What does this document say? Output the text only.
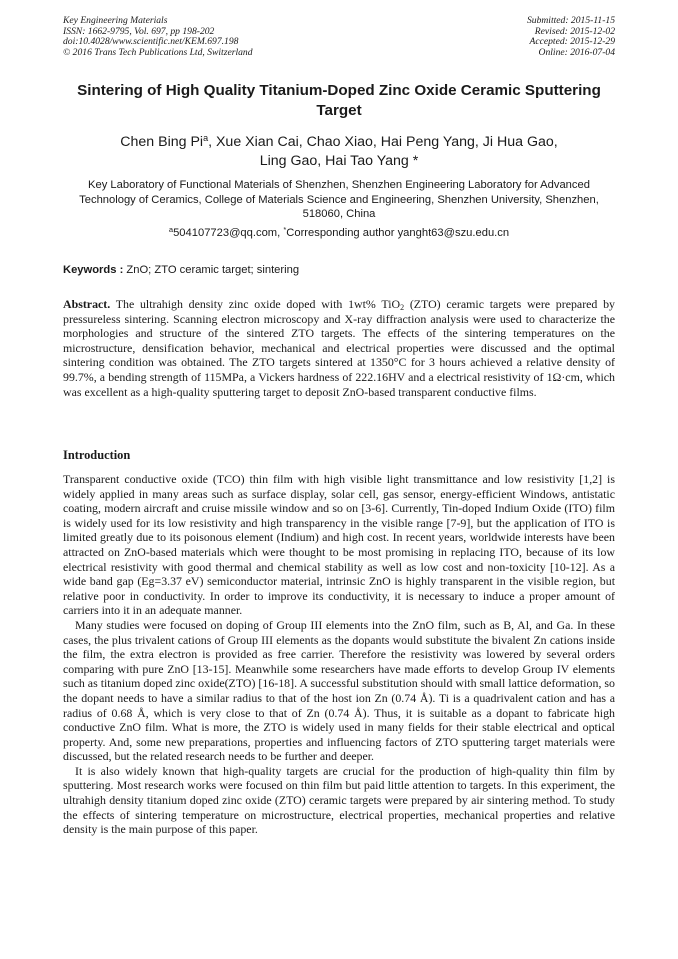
Key Engineering Materials
ISSN: 1662-9795, Vol. 697, pp 198-202
doi:10.4028/www.scientific.net/KEM.697.198
© 2016 Trans Tech Publications Ltd, Switzerland
Submitted: 2015-11-15
Revised: 2015-12-02
Accepted: 2015-12-29
Online: 2016-07-04
Sintering of High Quality Titanium-Doped Zinc Oxide Ceramic Sputtering Target
Chen Bing Pi$^a$, Xue Xian Cai, Chao Xiao, Hai Peng Yang, Ji Hua Gao,
Ling Gao, Hai Tao Yang *
Key Laboratory of Functional Materials of Shenzhen, Shenzhen Engineering Laboratory for Advanced Technology of Ceramics, College of Materials Science and Engineering, Shenzhen University, Shenzhen, 518060, China
$^a$504107723@qq.com, *Corresponding author yanght63@szu.edu.cn
Keywords : ZnO; ZTO ceramic target; sintering
Abstract. The ultrahigh density zinc oxide doped with 1wt% TiO$_2$ (ZTO) ceramic targets were prepared by pressureless sintering. Scanning electron microscopy and X-ray diffraction analysis were used to characterize the morphologies and structure of the sintered ZTO targets. The effects of the sintering temperatures on the microstructure, densification behavior, mechanical and electrical properties were discussed and the optimal sintering condition was obtained. The ZTO targets sintered at 1350°C for 3 hours achieved a relative density of 99.7%, a bending strength of 115MPa, a Vickers hardness of 222.16HV and a electrical resistivity of 1Ω·cm, which was excellent as a high-quality sputtering target to deposit ZnO-based transparent conductive films.
Introduction

Transparent conductive oxide (TCO) thin film with high visible light transmittance and low resistivity [1,2] is widely applied in many areas such as surface display, solar cell, gas sensor, energy-efficient Windows, antistatic coating, modern aircraft and cruise missile window and so on [3-6]. Currently, Tin-doped Indium Oxide (ITO) film is widely used for its low resistivity and high transparency in the visible range [7-9], but the application of ITO is limited greatly due to its poisonous element (Indium) and high cost. In recent years, worldwide interests have been attracted on ZnO-based materials which were thought to be most promising in replacing ITO, because of its low electrical resistivity with good thermal and chemical stability as well as low cost and non-toxicity [10-12]. As a wide band gap (Eg=3.37 eV) semiconductor material, intrinsic ZnO is highly transparent in the visible region, but relative poor in conductivity. In order to improve its conductivity, it is necessary to induce a proper amount of carriers into it in an adequate manner.

Many studies were focused on doping of Group III elements into the ZnO film, such as B, Al, and Ga. In these cases, the plus trivalent cations of Group III elements as the dopants would substitute the bivalent Zn cations inside the film, the extra electron is provided as free carrier. Therefore the resistivity was lowered by several orders comparing with pure ZnO [13-15]. Meanwhile some researchers have made efforts to develop Group IV elements such as titanium doped zinc oxide(ZTO) [16-18]. A successful substitution should with small lattice deformation, so the dopant needs to have a similar radius to that of the host ion Zn (0.74 Å). Ti is a quadrivalent cation and has a radius of 0.68 Å, which is very close to that of Zn (0.74 Å). Thus, it is suitable as a dopant to fabricate high conductive ZnO film. What is more, the ZTO is widely used in many fields for their stable electrical and optical property. And, some new preparations, properties and influencing factors of ZTO sputtering target materials were discussed, but the related research needs to be further and deeper.

It is also widely known that high-quality targets are crucial for the production of high-quality thin film by sputtering. Most research works were focused on thin film but paid little attention to targets. In this experiment, the ultrahigh density titanium doped zinc oxide (ZTO) ceramic targets were prepared by air sintering method. To study the effects of sintering temperature on microstructure, electrical properties, mechanical properties and relative density is the main purpose of this paper.
